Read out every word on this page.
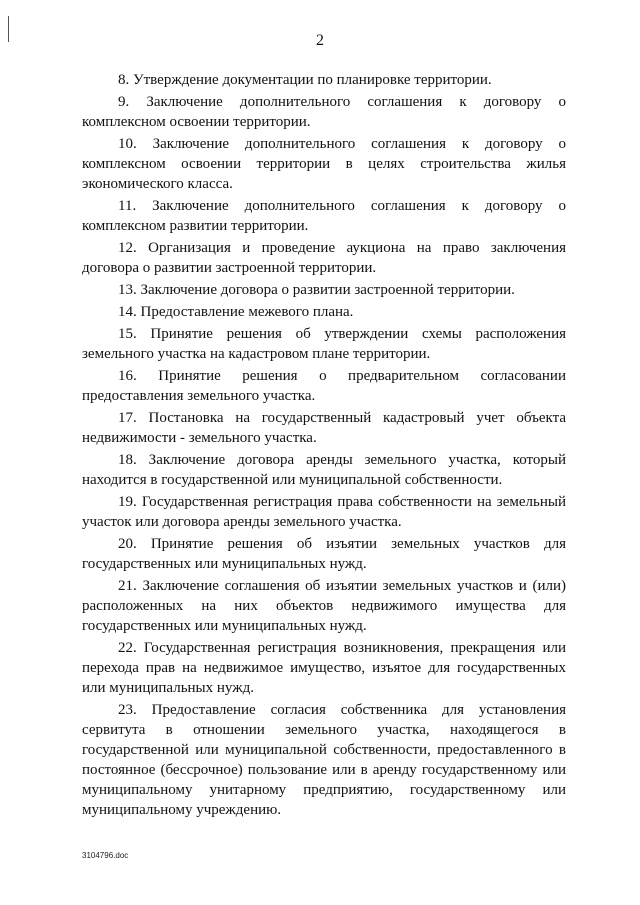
2

8. Утверждение документации по планировке территории.

9. Заключение дополнительного соглашения к договору о комплексном освоении территории.

10. Заключение дополнительного соглашения к договору о комплексном освоении территории в целях строительства жилья экономического класса.

11. Заключение дополнительного соглашения к договору о комплексном развитии территории.

12. Организация и проведение аукциона на право заключения договора о развитии застроенной территории.

13. Заключение договора о развитии застроенной территории.

14. Предоставление межевого плана.

15. Принятие решения об утверждении схемы расположения земельного участка на кадастровом плане территории.

16. Принятие решения о предварительном согласовании предоставления земельного участка.

17. Постановка на государственный кадастровый учет объекта недвижимости - земельного участка.

18. Заключение договора аренды земельного участка, который находится в государственной или муниципальной собственности.

19. Государственная регистрация права собственности на земельный участок или договора аренды земельного участка.

20. Принятие решения об изъятии земельных участков для государственных или муниципальных нужд.

21. Заключение соглашения об изъятии земельных участков и (или) расположенных на них объектов недвижимого имущества для государственных или муниципальных нужд.

22. Государственная регистрация возникновения, прекращения или перехода прав на недвижимое имущество, изъятое для государственных или муниципальных нужд.

23. Предоставление согласия собственника для установления сервитута в отношении земельного участка, находящегося в государственной или муниципальной собственности, предоставленного в постоянное (бессрочное) пользование или в аренду государственному или муниципальному унитарному предприятию, государственному или муниципальному учреждению.

3104796.doc
